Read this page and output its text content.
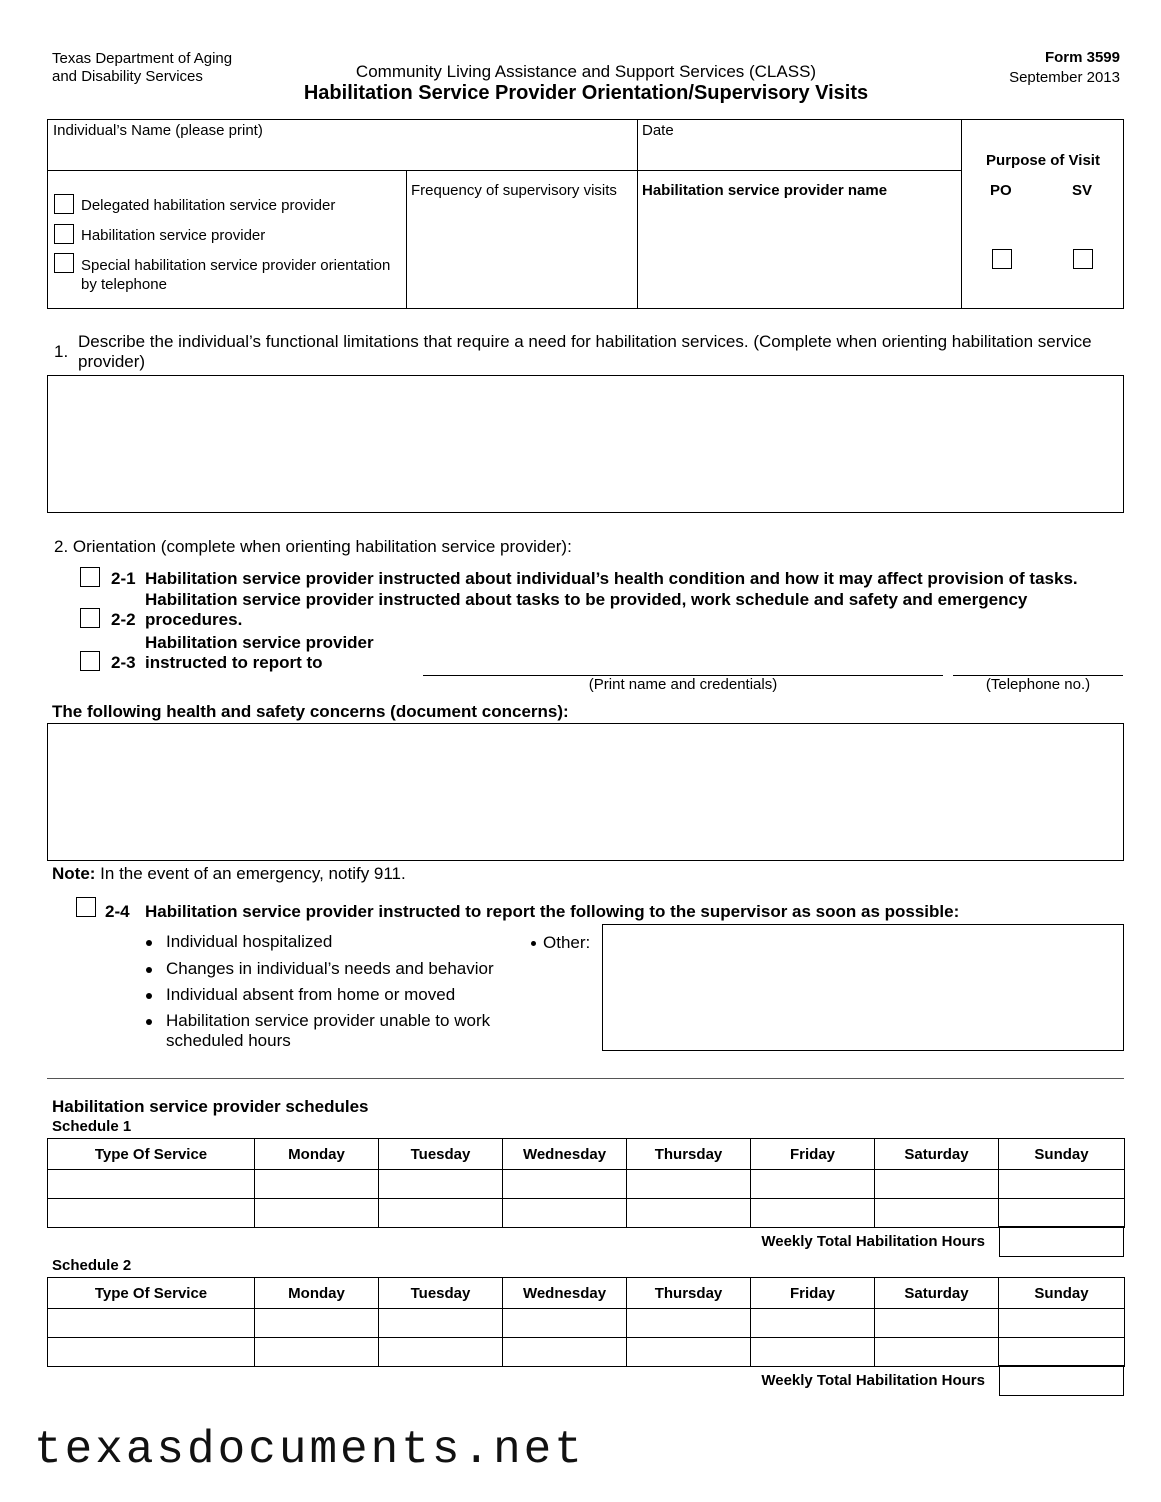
Texas Department of Aging
and Disability Services	Community Living Assistance and Support Services (CLASS)
Habilitation Service Provider Orientation/Supervisory Visits
Form 3599
September 2013
Individual’s Name (please print)	Date
Purpose of Visit
PO	SV
Delegated habilitation service provider
Habilitation service provider
Special habilitation service provider orientation
by telephone
Frequency of supervisory visits Habilitation service provider name
1.
Describe the individual’s functional limitations that require a need for habilitation services. (Complete when orienting habilitation service
provider)
2. Orientation (complete when orienting habilitation service provider):
2-1 Habilitation service provider instructed about individual’s health condition and how it may affect provision of tasks.
2-2
Habilitation service provider instructed about tasks to be provided, work schedule and safety and emergency
procedures.
2-3
Habilitation service provider
instructed to report to
(Print name and credentials)	(Telephone no.)
The following health and safety concerns (document concerns):
Note: In the event of an emergency, notify 911.
2-4 Habilitation service provider instructed to report the following to the supervisor as soon as possible:
Individual hospitalized
Changes in individual’s needs and behavior
Individual absent from home or moved
Habilitation service provider unable to work
scheduled hours
Other:
Habilitation service provider schedules
Schedule 1
Type Of Service	Monday	Tuesday	Wednesday	Thursday	Friday	Saturday	Sunday

Weekly Total Habilitation Hours
Schedule 2
Type Of Service	Monday	Tuesday	Wednesday	Thursday	Friday	Saturday	Sunday

Weekly Total Habilitation Hours
texasdocuments.net
